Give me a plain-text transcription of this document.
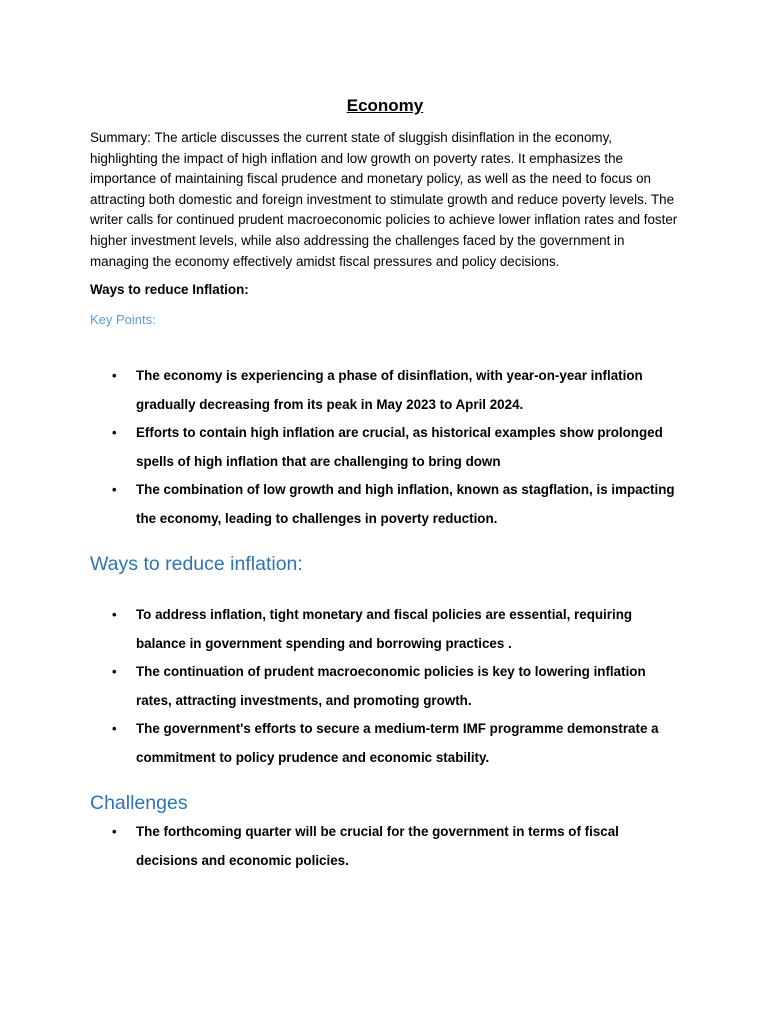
Economy

Summary: The article discusses the current state of sluggish disinflation in the economy, highlighting the impact of high inflation and low growth on poverty rates. It emphasizes the importance of maintaining fiscal prudence and monetary policy, as well as the need to focus on attracting both domestic and foreign investment to stimulate growth and reduce poverty levels. The writer calls for continued prudent macroeconomic policies to achieve lower inflation rates and foster higher investment levels, while also addressing the challenges faced by the government in managing the economy effectively amidst fiscal pressures and policy decisions.

Ways to reduce Inflation:

Key Points:

• The economy is experiencing a phase of disinflation, with year-on-year inflation gradually decreasing from its peak in May 2023 to April 2024.
• Efforts to contain high inflation are crucial, as historical examples show prolonged spells of high inflation that are challenging to bring down
• The combination of low growth and high inflation, known as stagflation, is impacting the economy, leading to challenges in poverty reduction.
Ways to reduce inflation:
• To address inflation, tight monetary and fiscal policies are essential, requiring balance in government spending and borrowing practices .
• The continuation of prudent macroeconomic policies is key to lowering inflation rates, attracting investments, and promoting growth.
• The government's efforts to secure a medium-term IMF programme demonstrate a commitment to policy prudence and economic stability.
Challenges
• The forthcoming quarter will be crucial for the government in terms of fiscal decisions and economic policies.
